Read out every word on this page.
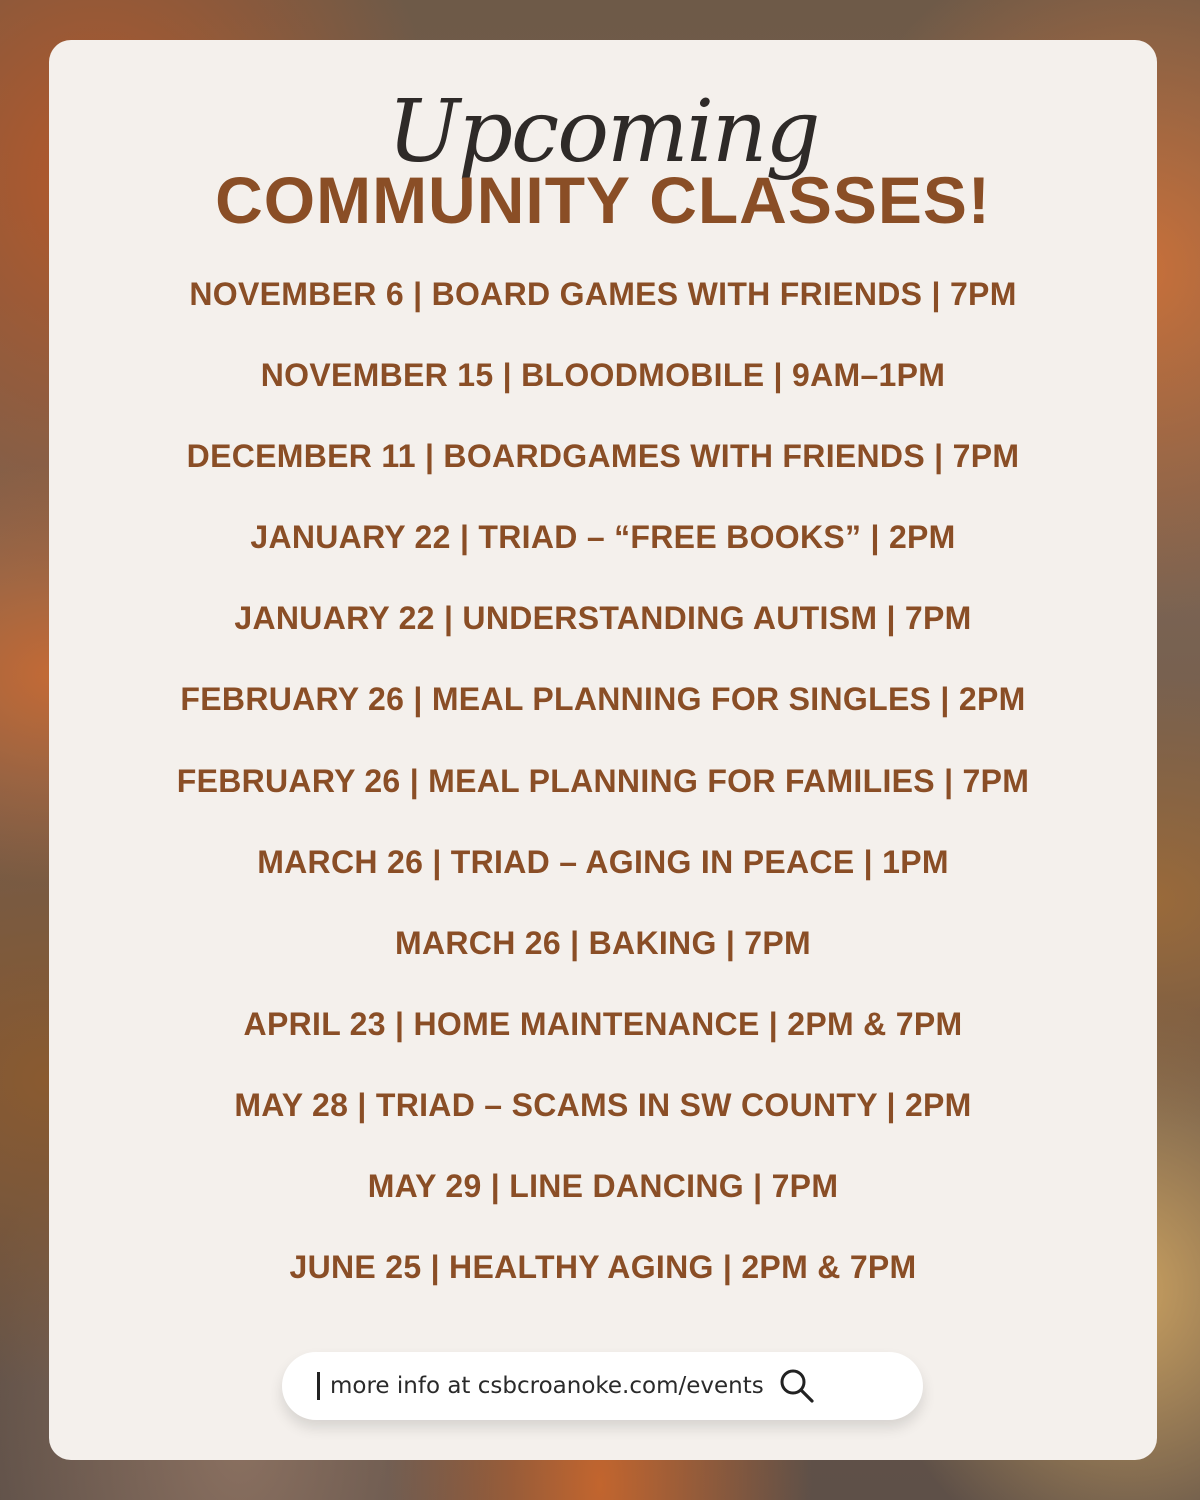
Upcoming
COMMUNITY CLASSES!
NOVEMBER 6 | BOARD GAMES WITH FRIENDS | 7PM
NOVEMBER 15 | BLOODMOBILE | 9AM–1PM
DECEMBER 11 | BOARDGAMES WITH FRIENDS | 7PM
JANUARY 22 | TRIAD – “FREE BOOKS” | 2PM
JANUARY 22 | UNDERSTANDING AUTISM | 7PM
FEBRUARY 26 | MEAL PLANNING FOR SINGLES | 2PM
FEBRUARY 26 | MEAL PLANNING FOR FAMILIES | 7PM
MARCH 26 | TRIAD – AGING IN PEACE | 1PM
MARCH 26 | BAKING | 7PM
APRIL 23 | HOME MAINTENANCE | 2PM & 7PM
MAY 28 | TRIAD – SCAMS IN SW COUNTY | 2PM
MAY 29 | LINE DANCING | 7PM
JUNE 25 | HEALTHY AGING | 2PM & 7PM
more info at csbcroanoke.com/events
